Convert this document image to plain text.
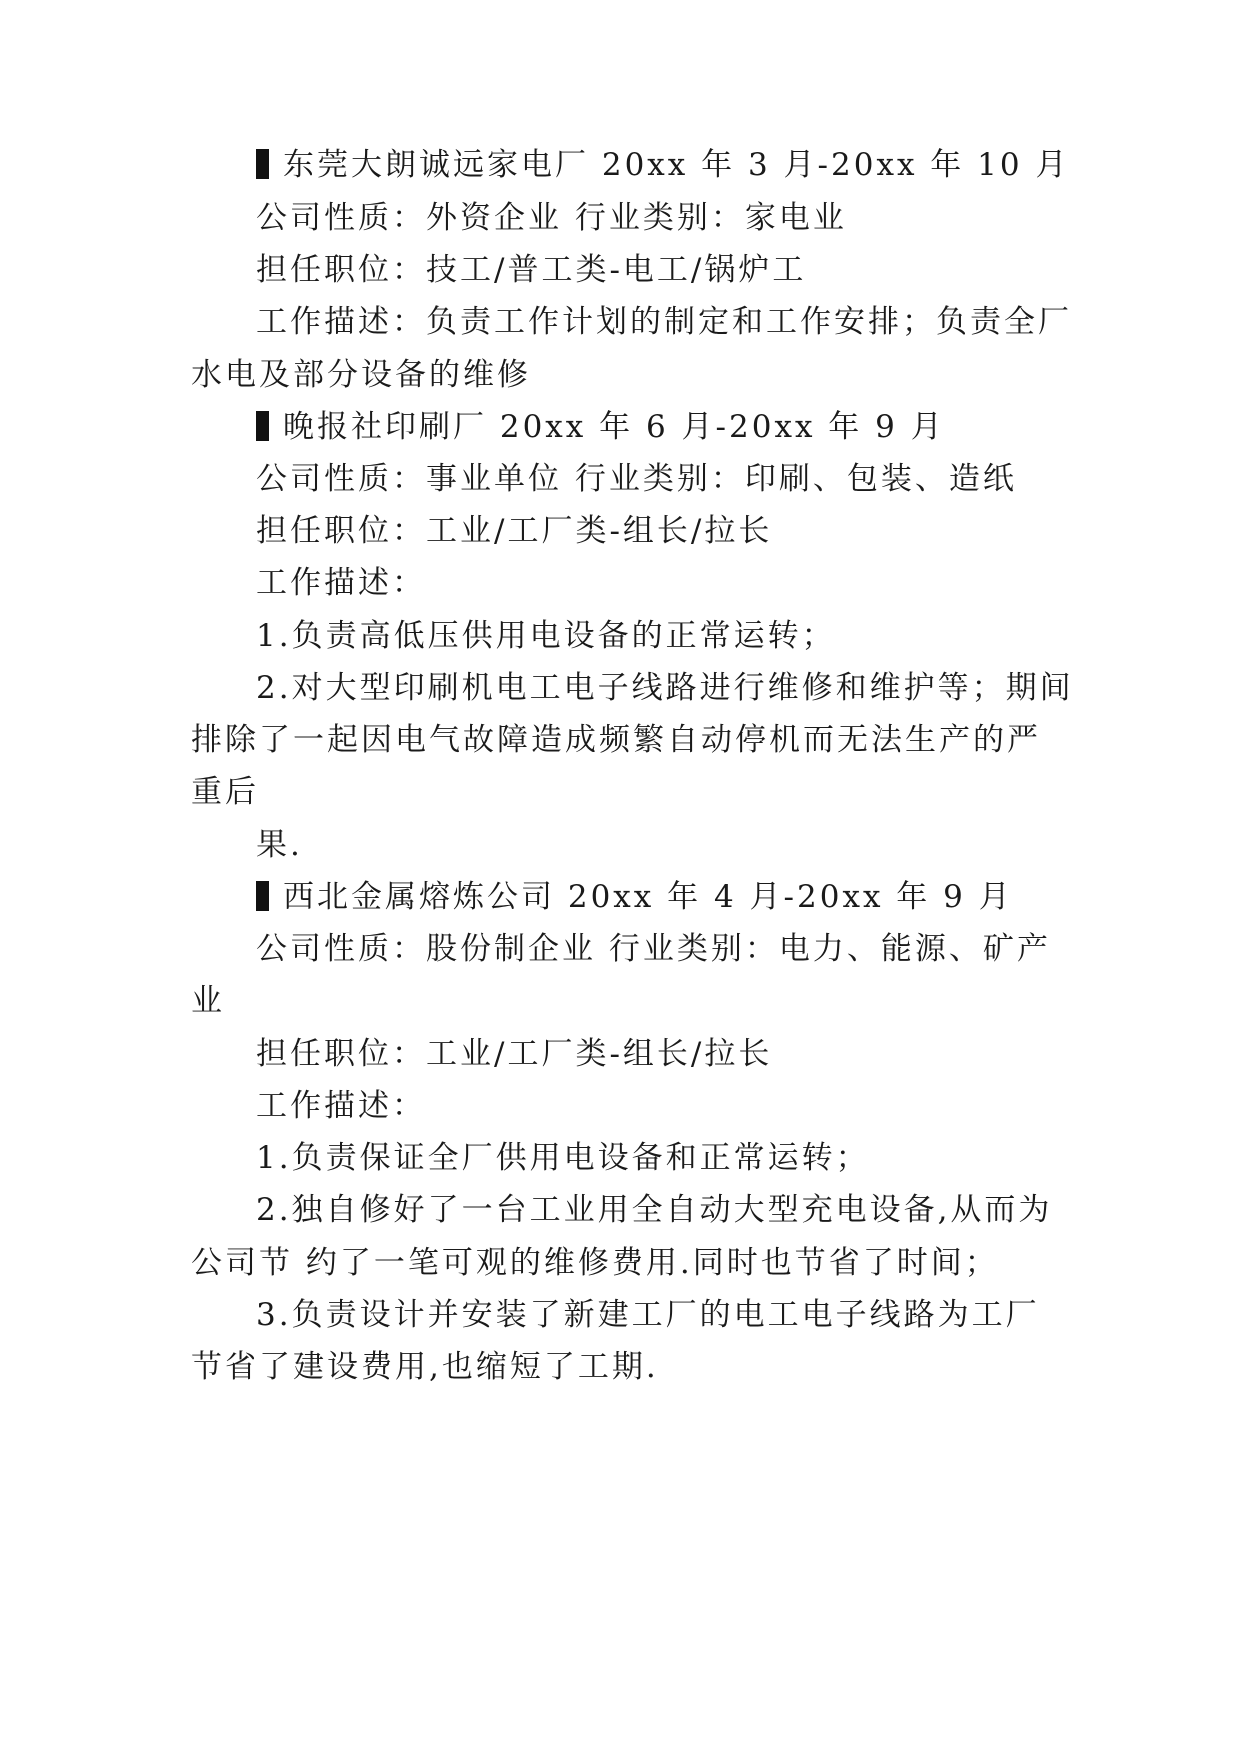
东莞大朗诚远家电厂 20xx 年 3 月-20xx 年 10 月
公司性质：外资企业 行业类别：家电业
担任职位：技工/普工类-电工/锅炉工
工作描述：负责工作计划的制定和工作安排；负责全厂
水电及部分设备的维修
晚报社印刷厂 20xx 年 6 月-20xx 年 9 月
公司性质：事业单位 行业类别：印刷、包装、造纸
担任职位：工业/工厂类-组长/拉长
工作描述：
1.负责高低压供用电设备的正常运转；
2.对大型印刷机电工电子线路进行维修和维护等；期间
排除了一起因电气故障造成频繁自动停机而无法生产的严
重后
果.
西北金属熔炼公司 20xx 年 4 月-20xx 年 9 月
公司性质：股份制企业 行业类别：电力、能源、矿产
业
担任职位：工业/工厂类-组长/拉长
工作描述：
1.负责保证全厂供用电设备和正常运转；
2.独自修好了一台工业用全自动大型充电设备,从而为
公司节 约了一笔可观的维修费用.同时也节省了时间；
3.负责设计并安装了新建工厂的电工电子线路为工厂
节省了建设费用,也缩短了工期.
